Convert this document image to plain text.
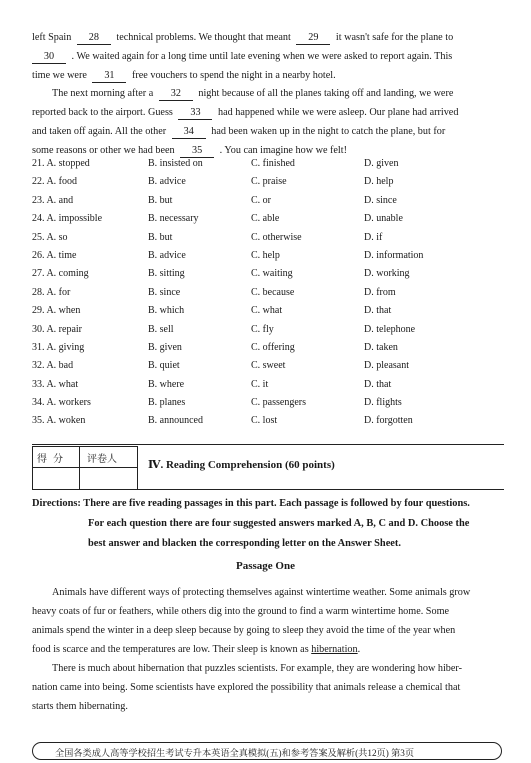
left Spain 28 technical problems. We thought that meant 29 it wasn't safe for the plane to
30 . We waited again for a long time until late evening when we were asked to report again. This
time we were 31 free vouchers to spend the night in a nearby hotel.
The next morning after a 32 night because of all the planes taking off and landing, we were
reported back to the airport. Guess 33 had happened while we were asleep. Our plane had arrived
and taken off again. All the other 34 had been waken up in the night to catch the plane, but for
some reasons or other we had been 35 . You can imagine how we felt!
21. A. stopped	B. insisted on	C. finished	D. given
22. A. food	B. advice	C. praise	D. help
23. A. and	B. but	C. or	D. since
24. A. impossible	B. necessary	C. able	D. unable
25. A. so	B. but	C. otherwise	D. if
26. A. time	B. advice	C. help	D. information
27. A. coming	B. sitting	C. waiting	D. working
28. A. for	B. since	C. because	D. from
29. A. when	B. which	C. what	D. that
30. A. repair	B. sell	C. fly	D. telephone
31. A. giving	B. given	C. offering	D. taken
32. A. bad	B. quiet	C. sweet	D. pleasant
33. A. what	B. where	C. it	D. that
34. A. workers	B. planes	C. passengers	D. flights
35. A. woken	B. announced	C. lost	D. forgotten
得分 评卷人	Ⅳ. Reading Comprehension (60 points)
Directions: There are five reading passages in this part. Each passage is followed by four questions.
For each question there are four suggested answers marked A, B, C and D. Choose the
best answer and blacken the corresponding letter on the Answer Sheet.
Passage One
Animals have different ways of protecting themselves against wintertime weather. Some animals grow
heavy coats of fur or feathers, while others dig into the ground to find a warm wintertime home. Some
animals spend the winter in a deep sleep because by going to sleep they avoid the time of the year when
food is scarce and the temperatures are low. Their sleep is known as hibernation.
There is much about hibernation that puzzles scientists. For example, they are wondering how hiber-
nation came into being. Some scientists have explored the possibility that animals release a chemical that
starts them hibernating.
全国各类成人高等学校招生考试专升本英语全真模拟(五)和参考答案及解析(共12页) 第3页
